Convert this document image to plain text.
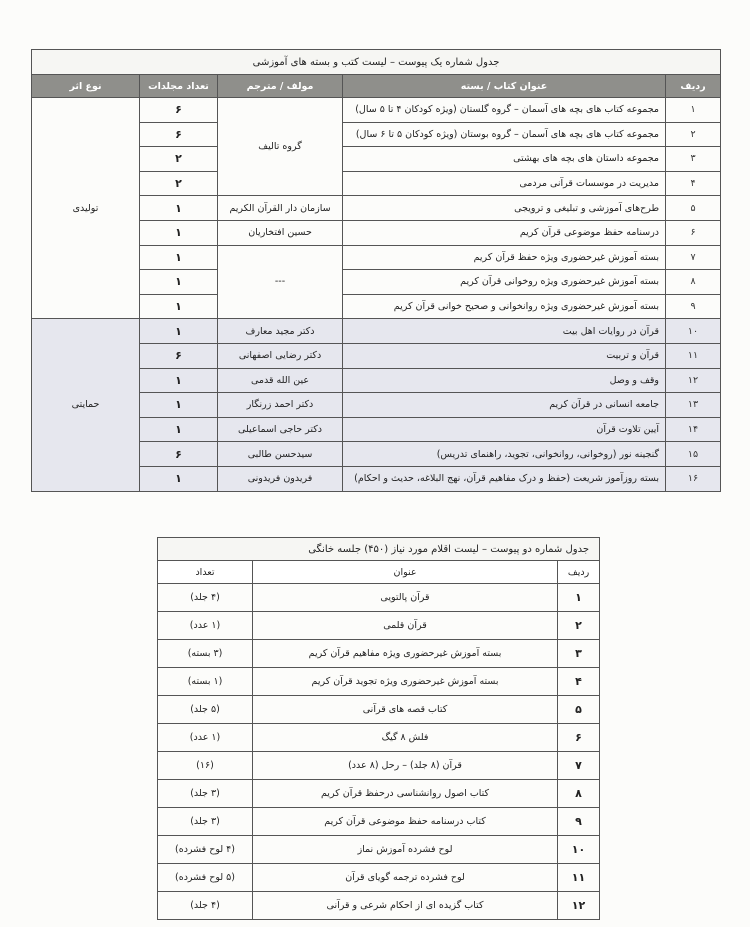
جدول شماره یک پیوست – لیست کتب و بسته های آموزشی				
ردیف	عنوان کتاب / بسته	مولف / مترجم	تعداد مجلدات	نوع اثر
۱	مجموعه کتاب های بچه های آسمان – گروه گلستان (ویژه کودکان ۴ تا ۵ سال)	گروه تالیف	۶	تولیدی
۲	مجموعه کتاب های بچه های آسمان – گروه بوستان (ویژه کودکان ۵ تا ۶ سال)		۶	
۳	مجموعه داستان های بچه های بهشتی		۲	
۴	مدیریت در موسسات قرآنی مردمی		۲	
۵	طرح‌های آموزشی و تبلیغی و ترویجی	سازمان دار القرآن الکریم	۱	
۶	درسنامه حفظ موضوعی قرآن کریم	حسین افتخاریان	۱	
۷	بسته آموزش غیرحضوری ویژه حفظ قرآن کریم	---	۱	
۸	بسته آموزش غیرحضوری ویژه روخوانی قرآن کریم		۱	
۹	بسته آموزش غیرحضوری ویژه روانخوانی و صحیح خوانی قرآن کریم		۱	
۱۰	قرآن در روایات اهل بیت	دکتر مجید معارف	۱	حمایتی
۱۱	قرآن و تربیت	دکتر رضایی اصفهانی	۶	
۱۲	وقف و وصل	عین الله قدمی	۱	
۱۳	جامعه انسانی در قرآن کریم	دکتر احمد زرنگار	۱	
۱۴	آیین تلاوت قرآن	دکتر حاجی اسماعیلی	۱	
۱۵	گنجینه نور (روخوانی، روانخوانی، تجوید، راهنمای تدریس)	سیدحسن طالبی	۶	
۱۶	بسته روزآموز شریعت (حفظ و درک مفاهیم قرآن، نهج البلاغه، حدیث و احکام)	فریدون فریدونی	۱	
جدول شماره دو پیوست – لیست اقلام مورد نیاز (۴۵۰) جلسه خانگی		
ردیف	عنوان	تعداد
۱	قرآن پالتویی	(۴ جلد)
۲	قرآن قلمی	(۱ عدد)
۳	بسته آموزش غیرحضوری ویژه مفاهیم قرآن کریم	(۳ بسته)
۴	بسته آموزش غیرحضوری ویژه تجوید قرآن کریم	(۱ بسته)
۵	کتاب قصه های قرآنی	(۵ جلد)
۶	فلش ۸ گیگ	(۱ عدد)
۷	قرآن (۸ جلد) – رحل (۸ عدد)	(۱۶)
۸	کتاب اصول روانشناسی درحفظ قرآن کریم	(۳ جلد)
۹	کتاب درسنامه حفظ موضوعی قرآن کریم	(۳ جلد)
۱۰	لوح فشرده آموزش نماز	(۴ لوح فشرده)
۱۱	لوح فشرده ترجمه گویای قرآن	(۵ لوح فشرده)
۱۲	کتاب گزیده ای از احکام شرعی و قرآنی	(۴ جلد)
